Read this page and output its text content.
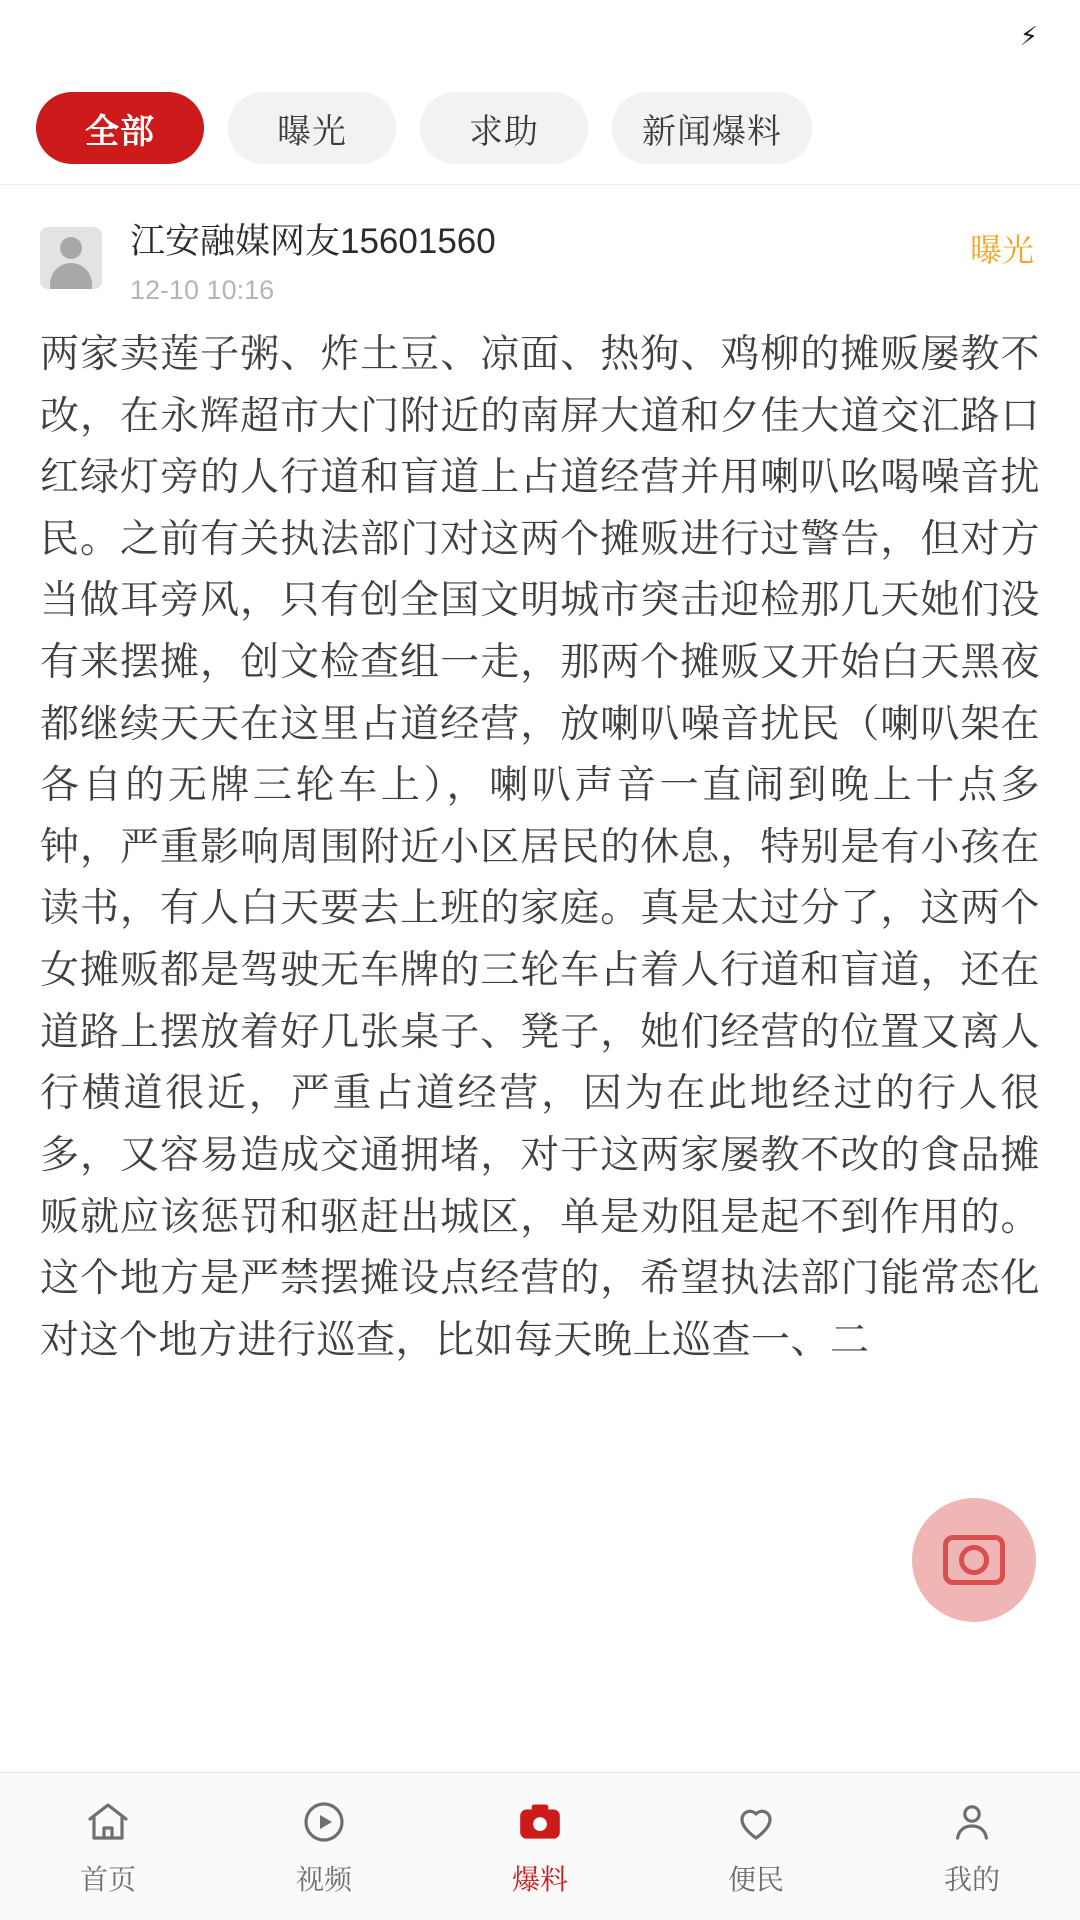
⚡
全部	曝光	求助	新闻爆料
江安融媒网友15601560
12-10 10:16
曝光
两家卖莲子粥、炸土豆、凉面、热狗、鸡柳的摊贩屡教不改，在永辉超市大门附近的南屏大道和夕佳大道交汇路口红绿灯旁的人行道和盲道上占道经营并用喇叭吆喝噪音扰民。之前有关执法部门对这两个摊贩进行过警告，但对方当做耳旁风，只有创全国文明城市突击迎检那几天她们没有来摆摊，创文检查组一走，那两个摊贩又开始白天黑夜都继续天天在这里占道经营，放喇叭噪音扰民（喇叭架在各自的无牌三轮车上），喇叭声音一直闹到晚上十点多钟，严重影响周围附近小区居民的休息，特别是有小孩在读书，有人白天要去上班的家庭。真是太过分了，这两个女摊贩都是驾驶无车牌的三轮车占着人行道和盲道，还在道路上摆放着好几张桌子、凳子，她们经营的位置又离人行横道很近，严重占道经营，因为在此地经过的行人很多，又容易造成交通拥堵，对于这两家屡教不改的食品摊贩就应该惩罚和驱赶出城区，单是劝阻是起不到作用的。这个地方是严禁摆摊设点经营的，希望执法部门能常态化对这个地方进行巡查，比如每天晚上巡查一、二
首页	视频	爆料	便民	我的
